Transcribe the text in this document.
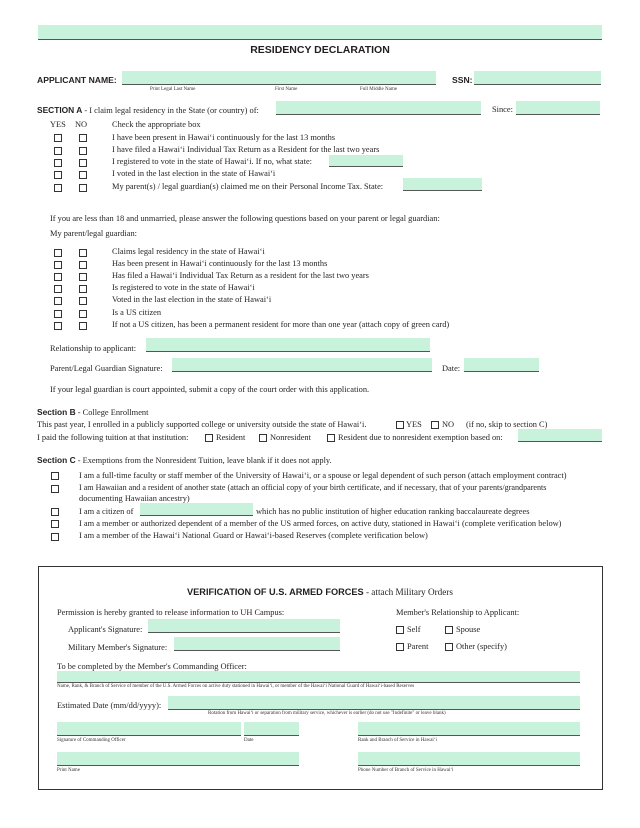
RESIDENCY DECLARATION
APPLICANT NAME:
Print Legal Last Name	First Name	Full Middle Name
SSN:
SECTION A - I claim legal residency in the State (or country) of:	Since:
YES NO	Check the appropriate box
I have been present in Hawaiʻi continuously for the last 13 months
I have filed a Hawaiʻi Individual Tax Return as a Resident for the last two years
I registered to vote in the state of Hawaiʻi. If no, what state:
I voted in the last election in the state of Hawaiʻi
My parent(s) / legal guardian(s) claimed me on their Personal Income Tax. State:
If you are less than 18 and unmarried, please answer the following questions based on your parent or legal guardian:
My parent/legal guardian:
Claims legal residency in the state of Hawaiʻi
Has been present in Hawaiʻi continuously for the last 13 months
Has filed a Hawaiʻi Individual Tax Return as a resident for the last two years
Is registered to vote in the state of Hawaiʻi
Voted in the last election in the state of Hawaiʻi
Is a US citizen
If not a US citizen, has been a permanent resident for more than one year (attach copy of green card)
Relationship to applicant:
Parent/Legal Guardian Signature:	Date:
If your legal guardian is court appointed, submit a copy of the court order with this application.
Section B - College Enrollment
This past year, I enrolled in a publicly supported college or university outside the state of Hawaiʻi.	YES NO (if no, skip to section C)
I paid the following tuition at that institution:	Resident	Nonresident	Resident due to nonresident exemption based on:
Section C - Exemptions from the Nonresident Tuition, leave blank if it does not apply.
I am a full-time faculty or staff member of the University of Hawaiʻi, or a spouse or legal dependent of such person (attach employment contract)
I am Hawaiian and a resident of another state (attach an official copy of your birth certificate, and if necessary, that of your parents/grandparents
documenting Hawaiian ancestry)
I am a citizen of	which has no public institution of higher education ranking baccalaureate degrees
I am a member or authorized dependent of a member of the US armed forces, on active duty, stationed in Hawaiʻi (complete verification below)
I am a member of the Hawaiʻi National Guard or Hawaiʻi-based Reserves (complete verification below)
VERIFICATION OF U.S. ARMED FORCES - attach Military Orders
Permission is hereby granted to release information to UH Campus:	Member's Relationship to Applicant:
Applicant's Signature:	Self	Spouse
Military Member's Signature:	Parent	Other (specify)
To be completed by the Member's Commanding Officer:
Name, Rank, & Branch of Service of member of the U.S. Armed Forces on active duty stationed in Hawaiʻi, or member of the Hawaiʻi National Guard of Hawaiʻi-based Reserves
Estimated Date (mm/dd/yyyy):
Rotation from Hawaiʻi or separation from military service, whichever is earlier (do not use "Indefinite" or leave blank)
Signature of Commanding Officer	Date	Rank and Branch of Service in Hawaiʻi
Print Name	Phone Number of Branch of Service in Hawaiʻi
